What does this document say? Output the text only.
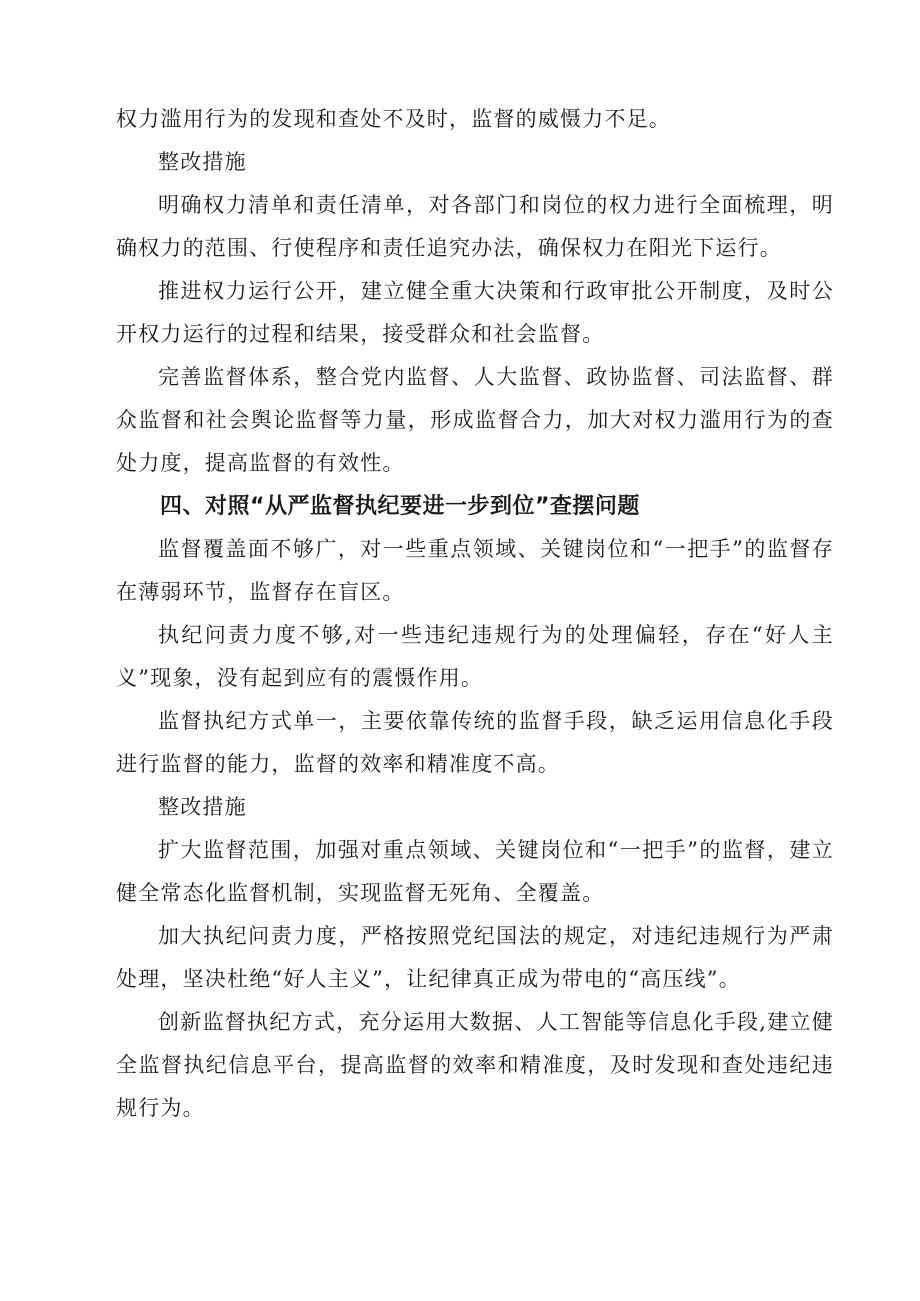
权力滥用行为的发现和查处不及时，监督的威慑力不足。

整改措施

明确权力清单和责任清单，对各部门和岗位的权力进行全面梳理，明确权力的范围、行使程序和责任追究办法，确保权力在阳光下运行。

推进权力运行公开，建立健全重大决策和行政审批公开制度，及时公开权力运行的过程和结果，接受群众和社会监督。

完善监督体系，整合党内监督、人大监督、政协监督、司法监督、群众监督和社会舆论监督等力量，形成监督合力，加大对权力滥用行为的查处力度，提高监督的有效性。

四、对照“从严监督执纪要进一步到位”查摆问题

监督覆盖面不够广，对一些重点领域、关键岗位和“一把手”的监督存在薄弱环节，监督存在盲区。

执纪问责力度不够,对一些违纪违规行为的处理偏轻，存在“好人主义”现象，没有起到应有的震慑作用。

监督执纪方式单一，主要依靠传统的监督手段，缺乏运用信息化手段进行监督的能力，监督的效率和精准度不高。

整改措施

扩大监督范围，加强对重点领域、关键岗位和“一把手”的监督，建立健全常态化监督机制，实现监督无死角、全覆盖。

加大执纪问责力度，严格按照党纪国法的规定，对违纪违规行为严肃处理，坚决杜绝“好人主义”，让纪律真正成为带电的“高压线”。

创新监督执纪方式，充分运用大数据、人工智能等信息化手段,建立健全监督执纪信息平台，提高监督的效率和精准度，及时发现和查处违纪违规行为。
